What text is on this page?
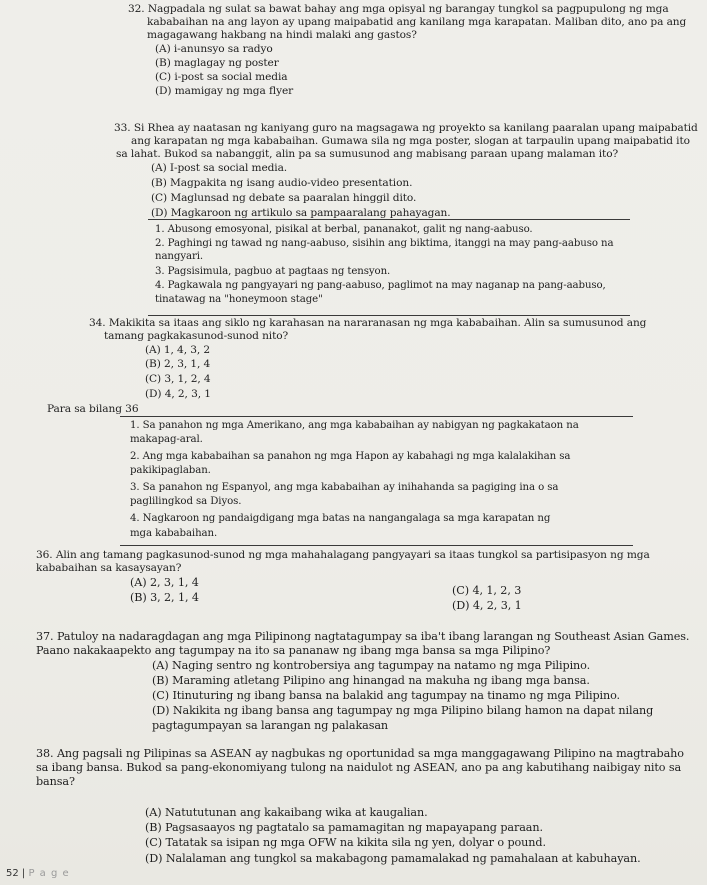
32. Nagpadala ng sulat sa bawat bahay ang mga opisyal ng barangay tungkol sa pagpupulong ng mga
kababaihan na ang layon ay upang maipabatid ang kanilang mga karapatan. Maliban dito, ano pa ang
magagawang hakbang na hindi malaki ang gastos?
(A) i-anunsyo sa radyo
(B) maglagay ng poster
(C) i-post sa social media
(D) mamigay ng mga flyer
33. Si Rhea ay naatasan ng kaniyang guro na magsagawa ng proyekto sa kanilang paaralan upang maipabatid
ang karapatan ng mga kababaihan. Gumawa sila ng mga poster, slogan at tarpaulin upang maipabatid ito
sa lahat. Bukod sa nabanggit, alin pa sa sumusunod ang mabisang paraan upang malaman ito?
(A) I-post sa social media.
(B) Magpakita ng isang audio-video presentation.
(C) Maglunsad ng debate sa paaralan hinggil dito.
(D) Magkaroon ng artikulo sa pampaaralang pahayagan.
1. Abusong emosyonal, pisikal at berbal, pananakot, galit ng nang-aabuso.
2. Paghingi ng tawad ng nang-aabuso, sisihin ang biktima, itanggi na may pang-aabuso na
nangyari.
3. Pagsisimula, pagbuo at pagtaas ng tensyon.
4. Pagkawala ng pangyayari ng pang-aabuso, paglimot na may naganap na pang-aabuso,
tinatawag na "honeymoon stage"
34. Makikita sa itaas ang siklo ng karahasan na nararanasan ng mga kababaihan. Alin sa sumusunod ang
tamang pagkakasunod-sunod nito?
(A) 1, 4, 3, 2
(B) 2, 3, 1, 4
(C) 3, 1, 2, 4
(D) 4, 2, 3, 1
Para sa bilang 36
1. Sa panahon ng mga Amerikano, ang mga kababaihan ay nabigyan ng pagkakataon na
makapag-aral.
2. Ang mga kababaihan sa panahon ng mga Hapon ay kabahagi ng mga kalalakihan sa
pakikipaglaban.
3. Sa panahon ng Espanyol, ang mga kababaihan ay inihahanda sa pagiging ina o sa
paglilingkod sa Diyos.
4. Nagkaroon ng pandaigdigang mga batas na nangangalaga sa mga karapatan ng
mga kababaihan.
36. Alin ang tamang pagkasunod-sunod ng mga mahahalagang pangyayari sa itaas tungkol sa partisipasyon ng mga
kababaihan sa kasaysayan?
(A) 2, 3, 1, 4
(B) 3, 2, 1, 4
(C) 4, 1, 2, 3
(D) 4, 2, 3, 1
37. Patuloy na nadaragdagan ang mga Pilipinong nagtatagumpay sa iba't ibang larangan ng Southeast Asian Games.
Paano nakakaapekto ang tagumpay na ito sa pananaw ng ibang mga bansa sa mga Pilipino?
(A) Naging sentro ng kontrobersiya ang tagumpay na natamo ng mga Pilipino.
(B) Maraming atletang Pilipino ang hinangad na makuha ng ibang mga bansa.
(C) Itinuturing ng ibang bansa na balakid ang tagumpay na tinamo ng mga Pilipino.
(D) Nakikita ng ibang bansa ang tagumpay ng mga Pilipino bilang hamon na dapat nilang
pagtagumpayan sa larangan ng palakasan
38. Ang pagsali ng Pilipinas sa ASEAN ay nagbukas ng oportunidad sa mga manggagawang Pilipino na magtrabaho
sa ibang bansa. Bukod sa pang-ekonomiyang tulong na naidulot ng ASEAN, ano pa ang kabutihang naibigay nito sa
bansa?
(A) Natututunan ang kakaibang wika at kaugalian.
(B) Pagsasaayos ng pagtatalo sa pamamagitan ng mapayapang paraan.
(C) Tatatak sa isipan ng mga OFW na kikita sila ng yen, dolyar o pound.
(D) Nalalaman ang tungkol sa makabagong pamamalakad ng pamahalaan at kabuhayan.
52 | P a g e
